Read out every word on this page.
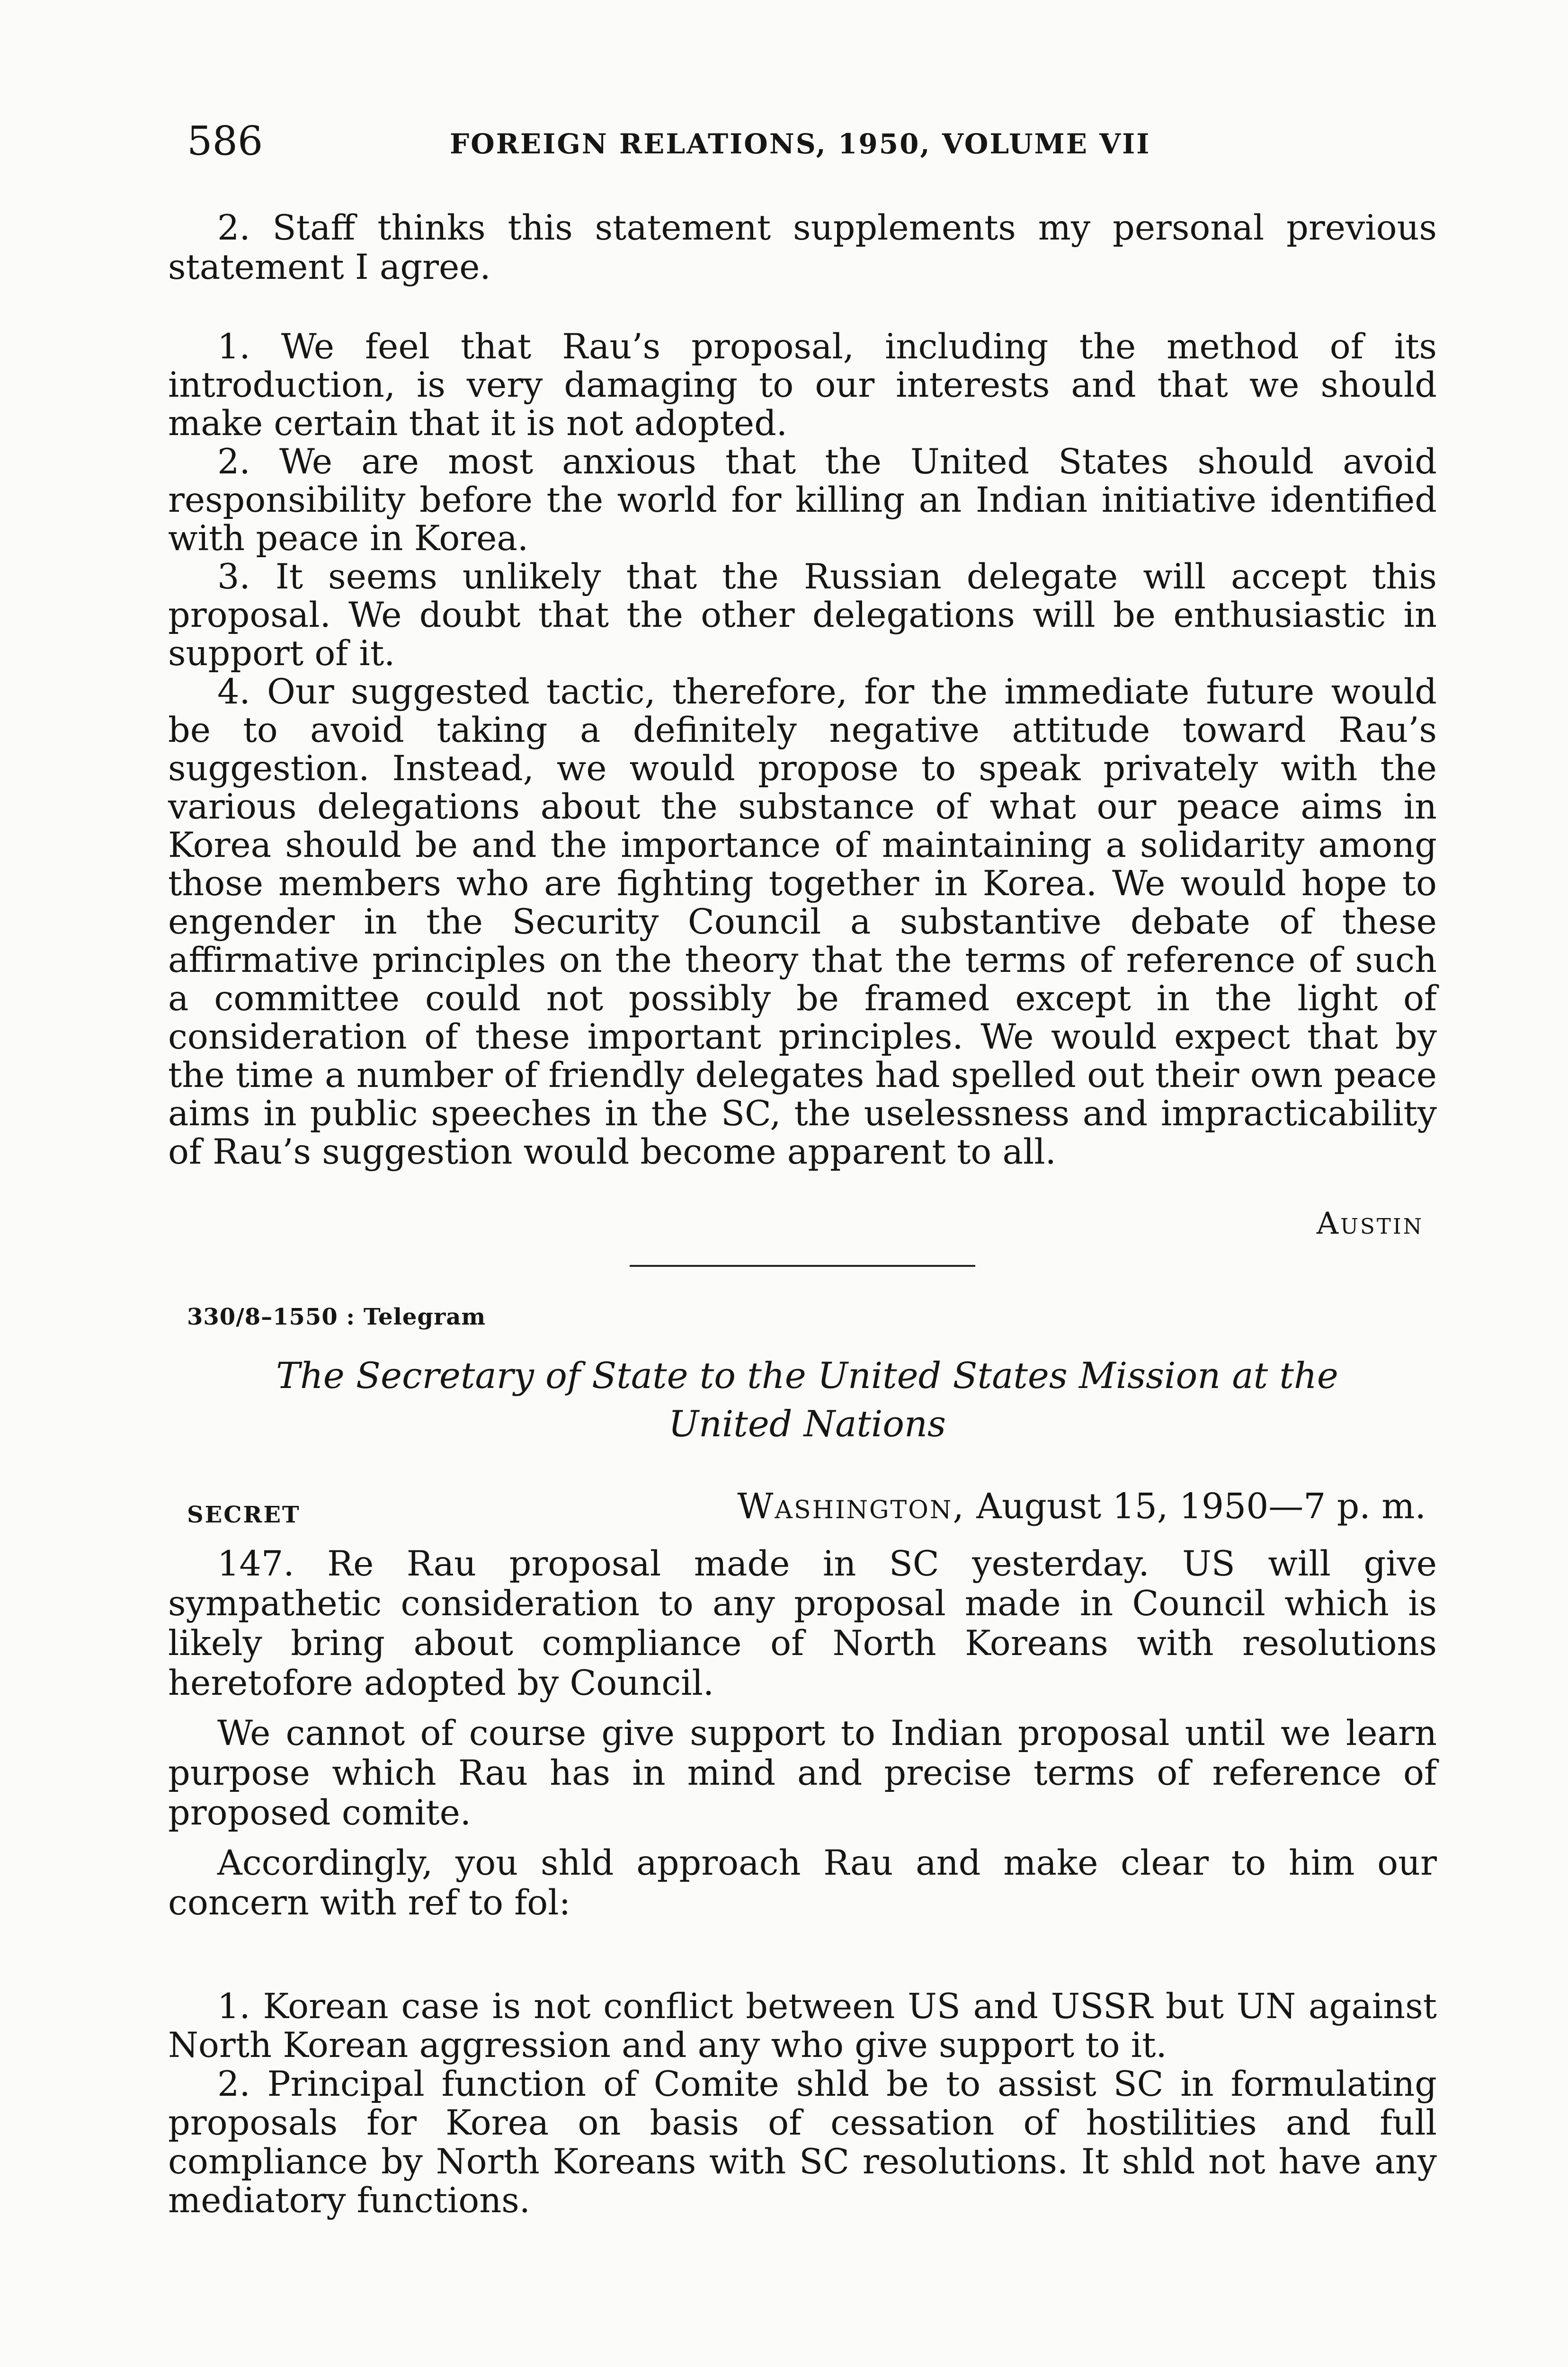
586	FOREIGN RELATIONS, 1950, VOLUME VII

2. Staff thinks this statement supplements my personal previous statement I agree.

1. We feel that Rau’s proposal, including the method of its introduction, is very damaging to our interests and that we should make certain that it is not adopted.

2. We are most anxious that the United States should avoid responsibility before the world for killing an Indian initiative identified with peace in Korea.

3. It seems unlikely that the Russian delegate will accept this proposal. We doubt that the other delegations will be enthusiastic in support of it.

4. Our suggested tactic, therefore, for the immediate future would be to avoid taking a definitely negative attitude toward Rau’s suggestion. Instead, we would propose to speak privately with the various delegations about the substance of what our peace aims in Korea should be and the importance of maintaining a solidarity among those members who are fighting together in Korea. We would hope to engender in the Security Council a substantive debate of these affirmative principles on the theory that the terms of reference of such a committee could not possibly be framed except in the light of consideration of these important principles. We would expect that by the time a number of friendly delegates had spelled out their own peace aims in public speeches in the SC, the uselessness and impracticability of Rau’s suggestion would become apparent to all.

Austin
330/8–1550 : Telegram
The Secretary of State to the United States Mission at the
United Nations
SECRET	Washington, August 15, 1950—7 p. m.

147. Re Rau proposal made in SC yesterday. US will give sympathetic consideration to any proposal made in Council which is likely bring about compliance of North Koreans with resolutions heretofore adopted by Council.

We cannot of course give support to Indian proposal until we learn purpose which Rau has in mind and precise terms of reference of proposed comite.

Accordingly, you shld approach Rau and make clear to him our concern with ref to fol:

1. Korean case is not conflict between US and USSR but UN against North Korean aggression and any who give support to it.

2. Principal function of Comite shld be to assist SC in formulating proposals for Korea on basis of cessation of hostilities and full compliance by North Koreans with SC resolutions. It shld not have any mediatory functions.
